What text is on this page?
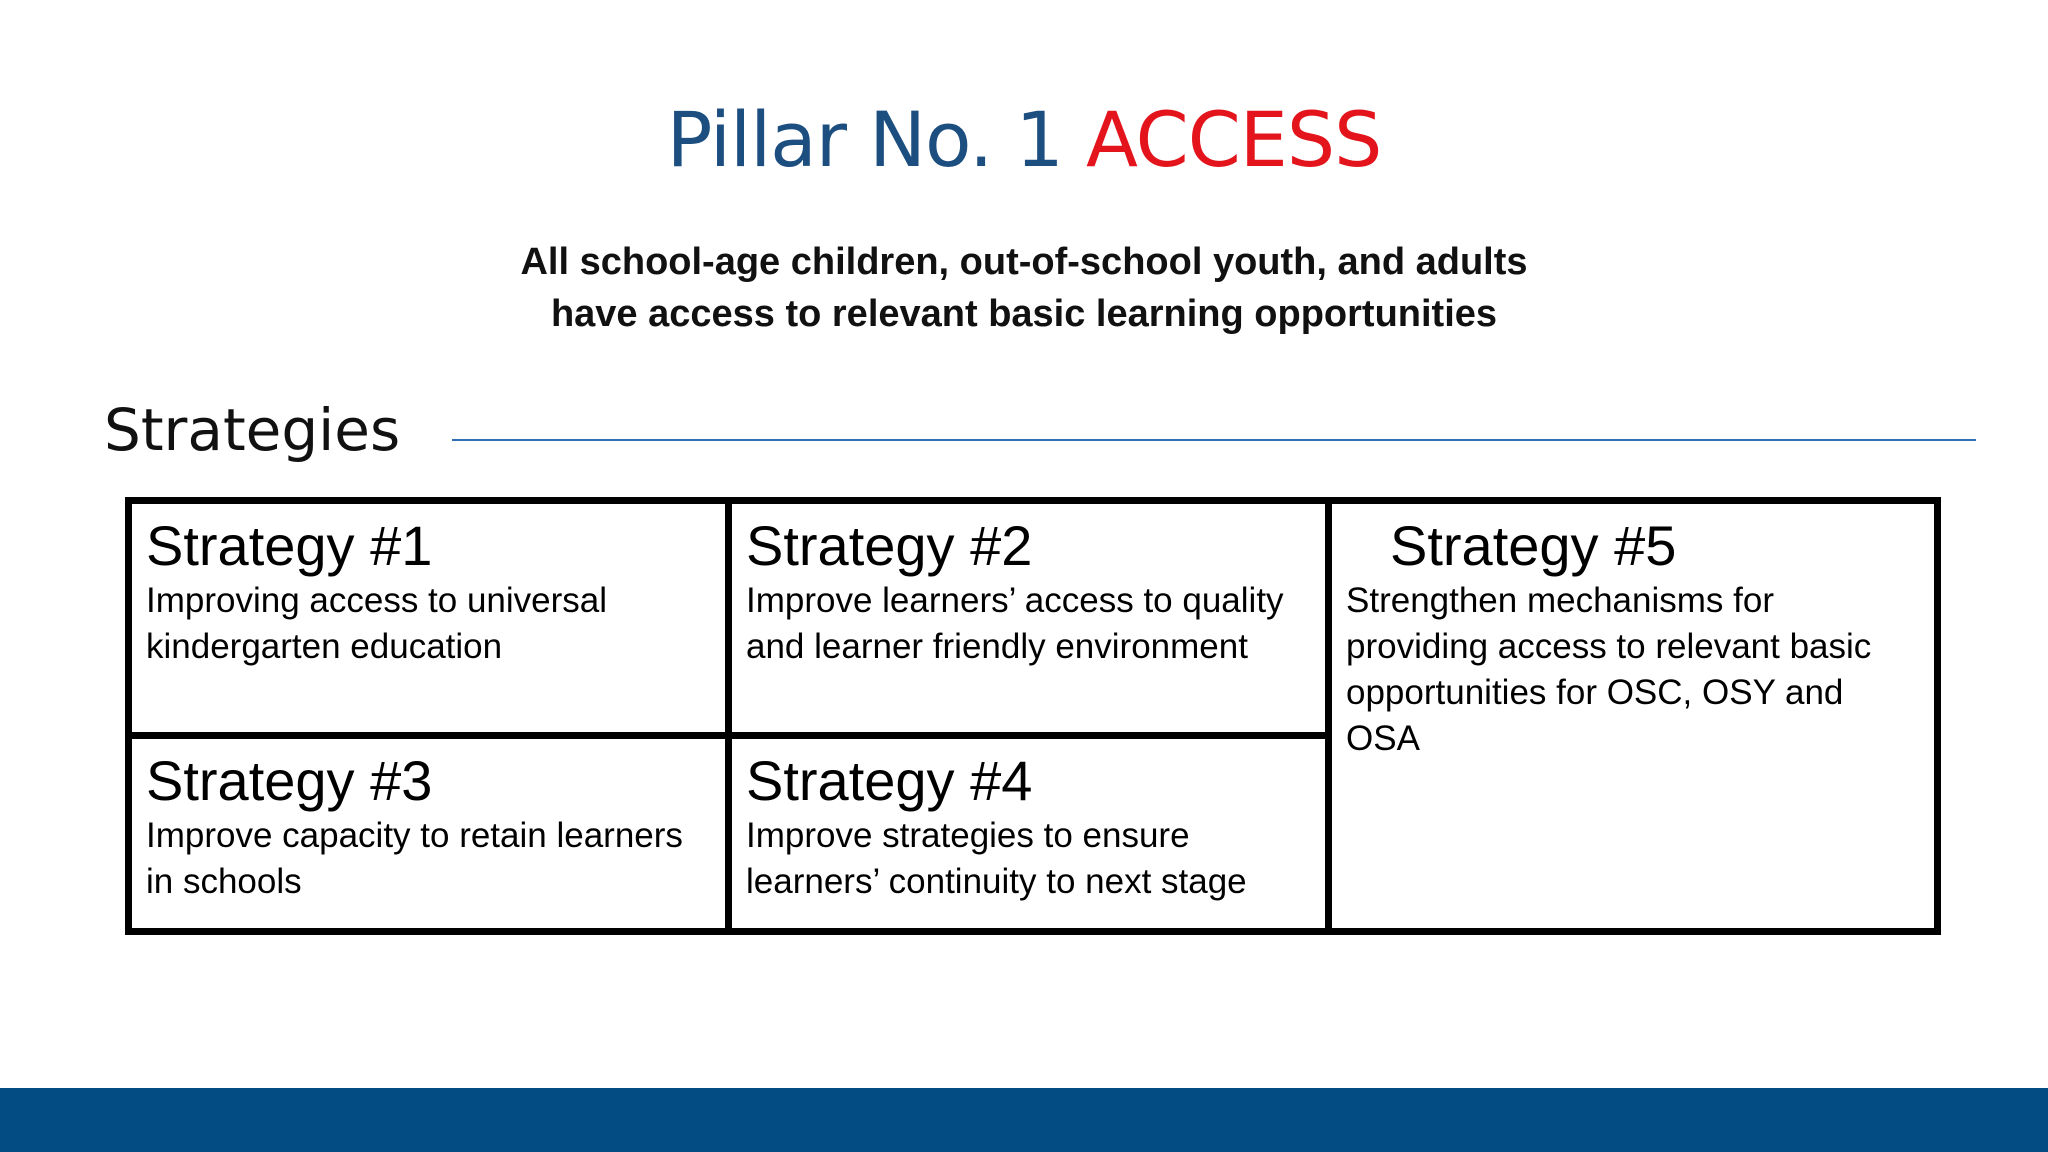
Pillar No. 1 ACCESS
All school-age children, out-of-school youth, and adults
have access to relevant basic learning opportunities
Strategies
Strategy #1
Improving access to universal kindergarten education
Strategy #2
Improve learners’ access to quality and learner friendly environment
Strategy #5
Strengthen mechanisms for providing access to relevant basic opportunities for OSC, OSY and OSA
Strategy #3
Improve capacity to retain learners in schools
Strategy #4
Improve strategies to ensure learners’ continuity to next stage
